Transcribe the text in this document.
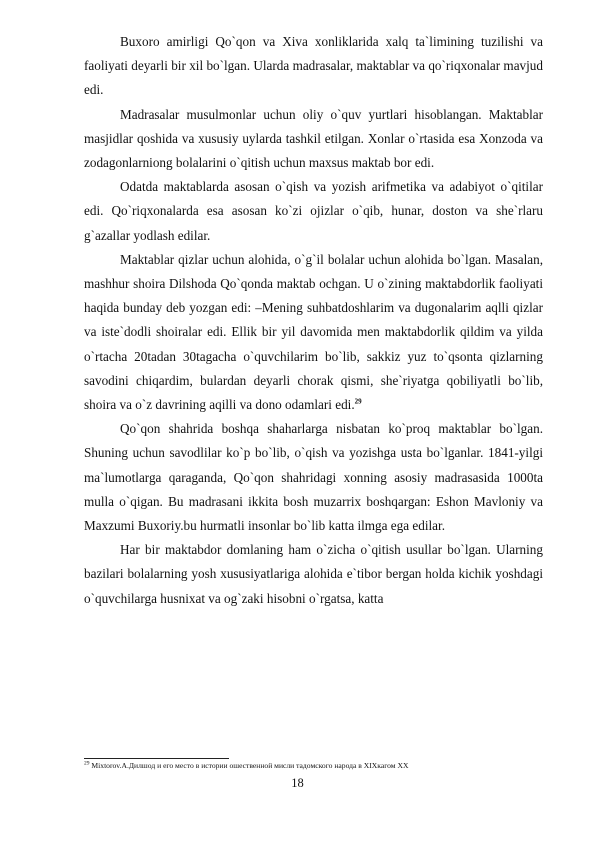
Buxoro amirligi Qo`qon va Xiva xonliklarida xalq ta`limining tuzilishi va faoliyati deyarli bir xil bo`lgan. Ularda madrasalar, maktablar va qo`riqxonalar mavjud edi.

Madrasalar musulmonlar uchun oliy o`quv yurtlari hisoblangan. Maktablar masjidlar qoshida va xususiy uylarda tashkil etilgan. Xonlar o`rtasida esa Xonzoda va zodagonlarniong bolalarini o`qitish uchun maxsus maktab bor edi.

Odatda maktablarda asosan o`qish va yozish arifmetika va adabiyot o`qitilar edi. Qo`riqxonalarda esa asosan ko`zi ojizlar o`qib, hunar, doston va she`rlaru g`azallar yodlash edilar.

Maktablar qizlar uchun alohida, o`g`il bolalar uchun alohida bo`lgan. Masalan, mashhur shoira Dilshoda Qo`qonda maktab ochgan. U o`zining maktabdorlik faoliyati haqida bunday deb yozgan edi: –Mening suhbatdoshlarim va dugonalarim aqlli qizlar va iste`dodli shoiralar edi. Ellik bir yil davomida men maktabdorlik qildim va yilda o`rtacha 20tadan 30tagacha o`quvchilarim bo`lib, sakkiz yuz to`qsonta qizlarning savodini chiqardim, bulardan deyarli chorak qismi, she`riyatga qobiliyatli bo`lib, shoira va o`z davrining aqilli va dono odamlari edi.$^{29}$

Qo`qon shahrida boshqa shaharlarga nisbatan ko`proq maktablar bo`lgan. Shuning uchun savodlilar ko`p bo`lib, o`qish va yozishga usta bo`lganlar. 1841-yilgi ma`lumotlarga qaraganda, Qo`qon shahridagi xonning asosiy madrasasida 1000ta mulla o`qigan. Bu madrasani ikkita bosh muzarrix boshqargan: Eshon Mavloniy va Maxzumi Buxoriy.bu hurmatli insonlar bo`lib katta ilmga ega edilar.

Har bir maktabdor domlaning ham o`zicha o`qitish usullar bo`lgan. Ularning bazilari bolalarning yosh xususiyatlariga alohida e`tibor bergan holda kichik yoshdagi o`quvchilarga husnixat va og`zaki hisobni o`rgatsa, katta

$^{29}$ Mixtorov.A.Дилшод и его место в истории ошественной мисли тадомского народа в XIXкагом XX
18
